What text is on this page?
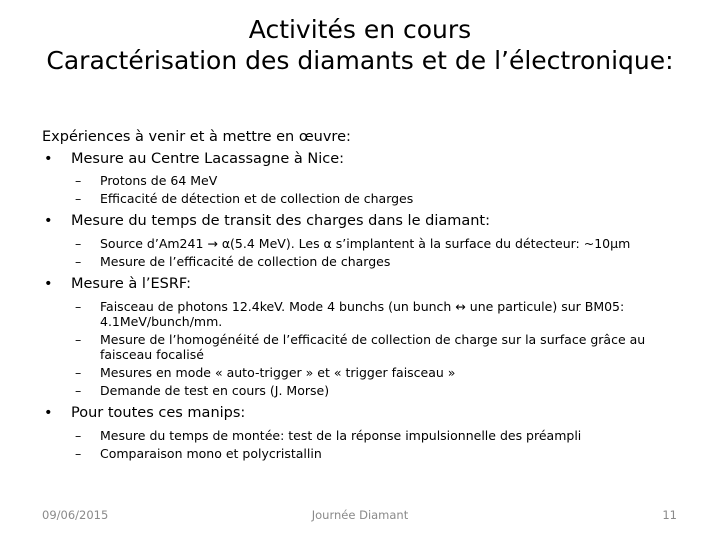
Activités en cours
Caractérisation des diamants et de l’électronique:
Expériences à venir et à mettre en œuvre:
• Mesure au Centre Lacassagne à Nice:
– Protons de 64 MeV
– Efficacité de détection et de collection de charges
• Mesure du temps de transit des charges dans le diamant:
– Source d’Am241 → α(5.4 MeV). Les α s’implantent à la surface du détecteur: ~10µm
– Mesure de l’efficacité de collection de charges
• Mesure à l’ESRF:
– Faisceau de photons 12.4keV. Mode 4 bunchs (un bunch ↔ une particule) sur BM05: 4.1MeV/bunch/mm.
– Mesure de l’homogénéité de l’efficacité de collection de charge sur la surface grâce au faisceau focalisé
– Mesures en mode « auto-trigger » et « trigger faisceau »
– Demande de test en cours (J. Morse)
• Pour toutes ces manips:
– Mesure du temps de montée: test de la réponse impulsionnelle des préampli
– Comparaison mono et polycristallin
09/06/2015	Journée Diamant	11
